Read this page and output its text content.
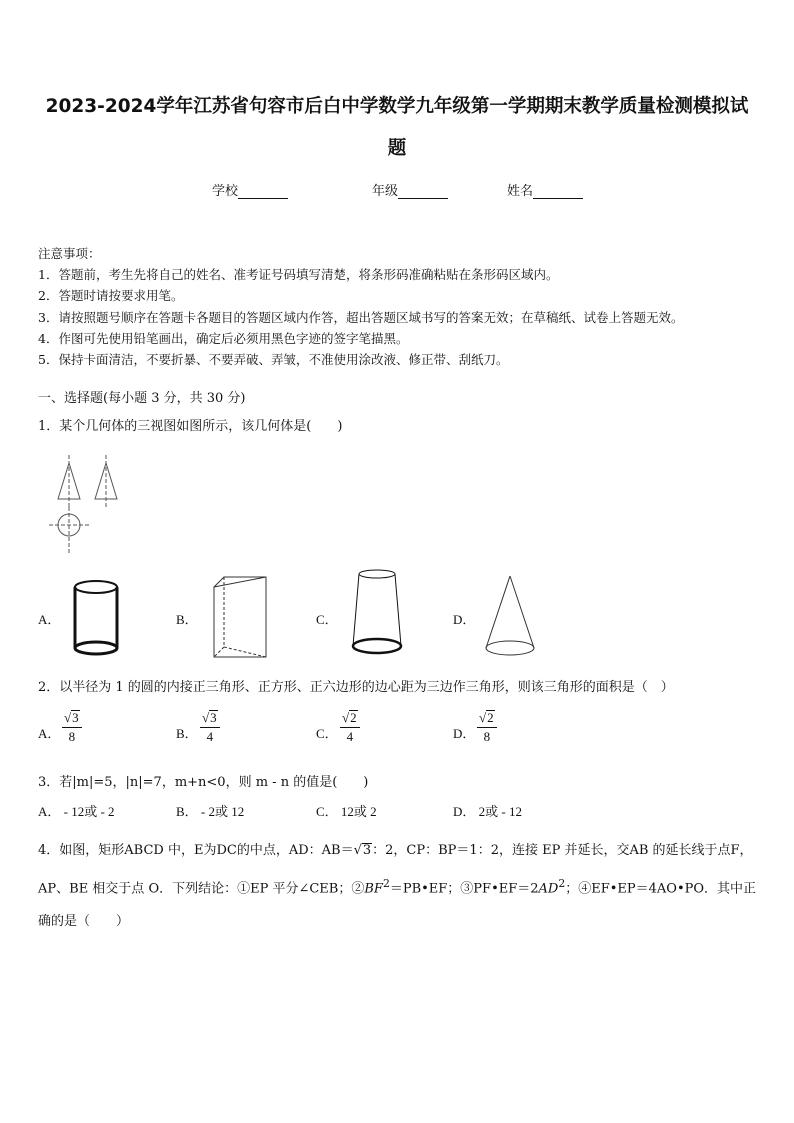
2023-2024学年江苏省句容市后白中学数学九年级第一学期期末教学质量检测模拟试
题
学校	年级	姓名
注意事项：
1．答题前，考生先将自己的姓名、准考证号码填写清楚，将条形码准确粘贴在条形码区域内。
2．答题时请按要求用笔。
3．请按照题号顺序在答题卡各题目的答题区域内作答，超出答题区域书写的答案无效；在草稿纸、试卷上答题无效。
4．作图可先使用铅笔画出，确定后必须用黑色字迹的签字笔描黑。
5．保持卡面清洁，不要折暴、不要弄破、弄皱，不准使用涂改液、修正带、刮纸刀。
一、选择题(每小题 3 分，共 30 分)
1．某个几何体的三视图如图所示，该几何体是(　　)
A．	B．	C．	D．
2．以半径为 1 的圆的内接正三角形、正方形、正六边形的边心距为三边作三角形，则该三角形的面积是（　）
A． $\frac{√3}{8}$	B． $\frac{√3}{4}$	C． $\frac{√2}{4}$	D． $\frac{√2}{8}$
3．若|m|=5，|n|=7，m+n<0，则 m - n 的值是(　　)
A． - 12或 - 2	B． - 2或 12	C． 12或 2	D． 2或 - 12
4．如图，矩形ABCD 中，E为DC的中点，AD：AB＝√3：2，CP：BP＝1：2，连接 EP 并延长，交AB 的延长线于点F，AP、BE 相交于点 O．下列结论：①EP 平分∠CEB；$②BF^2=PB•EF$；$③PF•EF=2AD^2$；④EF•EP＝4AO•PO．其中正确的是（　　）
